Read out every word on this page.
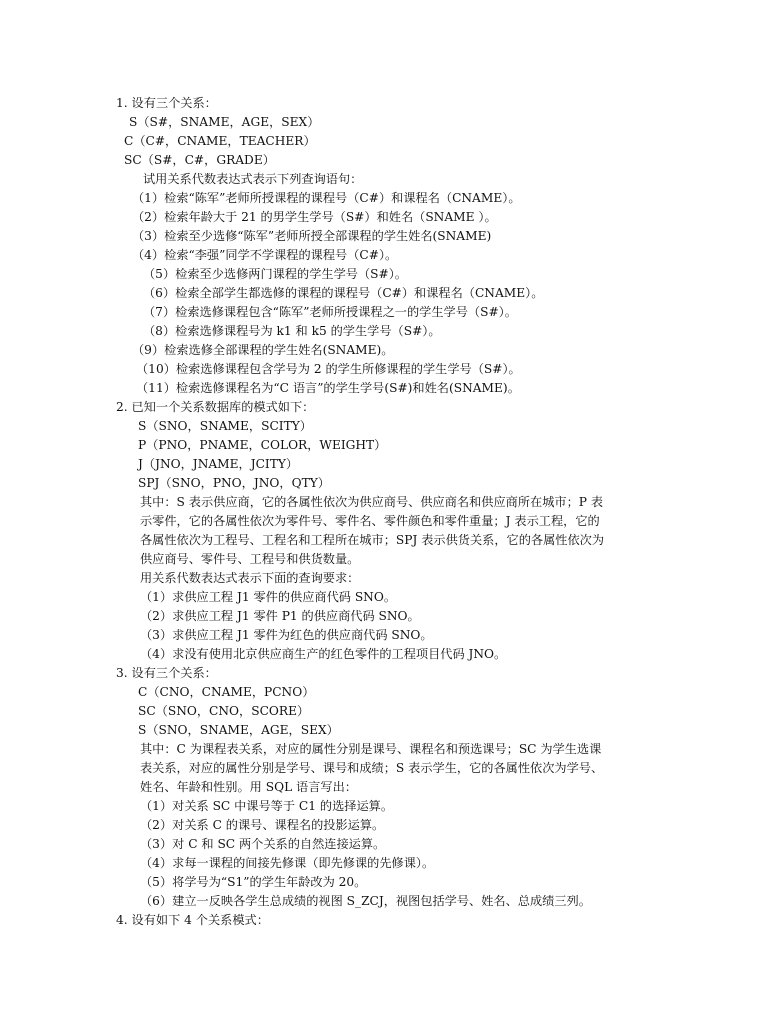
1. 设有三个关系：
S（S#，SNAME，AGE，SEX）
C（C#，CNAME，TEACHER）
SC（S#，C#，GRADE）
试用关系代数表达式表示下列查询语句：
（1）检索“陈军”老师所授课程的课程号（C#）和课程名（CNAME）。
（2）检索年龄大于 21 的男学生学号（S#）和姓名（SNAME ）。
（3）检索至少选修“陈军”老师所授全部课程的学生姓名(SNAME)
（4）检索“李强”同学不学课程的课程号（C#）。
（5）检索至少选修两门课程的学生学号（S#）。
（6）检索全部学生都选修的课程的课程号（C#）和课程名（CNAME）。
（7）检索选修课程包含“陈军”老师所授课程之一的学生学号（S#）。
（8）检索选修课程号为 k1 和 k5 的学生学号（S#）。
（9）检索选修全部课程的学生姓名(SNAME)。
（10）检索选修课程包含学号为 2 的学生所修课程的学生学号（S#）。
（11）检索选修课程名为“C 语言”的学生学号(S#)和姓名(SNAME)。
2. 已知一个关系数据库的模式如下：
S（SNO，SNAME，SCITY）
P（PNO，PNAME，COLOR，WEIGHT）
J（JNO，JNAME，JCITY）
SPJ（SNO，PNO，JNO，QTY）
其中：S 表示供应商，它的各属性依次为供应商号、供应商名和供应商所在城市；P 表
示零件，它的各属性依次为零件号、零件名、零件颜色和零件重量；J 表示工程，它的
各属性依次为工程号、工程名和工程所在城市；SPJ 表示供货关系，它的各属性依次为
供应商号、零件号、工程号和供货数量。
用关系代数表达式表示下面的查询要求：
（1）求供应工程 J1 零件的供应商代码 SNO。
（2）求供应工程 J1 零件 P1 的供应商代码 SNO。
（3）求供应工程 J1 零件为红色的供应商代码 SNO。
（4）求没有使用北京供应商生产的红色零件的工程项目代码 JNO。
3. 设有三个关系：
C（CNO，CNAME，PCNO）
SC（SNO，CNO，SCORE）
S（SNO，SNAME，AGE，SEX）
其中：C 为课程表关系，对应的属性分别是课号、课程名和预选课号；SC 为学生选课
表关系，对应的属性分别是学号、课号和成绩；S 表示学生，它的各属性依次为学号、
姓名、年龄和性别。用 SQL 语言写出：
（1）对关系 SC 中课号等于 C1 的选择运算。
（2）对关系 C 的课号、课程名的投影运算。
（3）对 C 和 SC 两个关系的自然连接运算。
（4）求每一课程的间接先修课（即先修课的先修课）。
（5）将学号为“S1”的学生年龄改为 20。
（6）建立一反映各学生总成绩的视图 S_ZCJ，视图包括学号、姓名、总成绩三列。
4. 设有如下 4 个关系模式：
